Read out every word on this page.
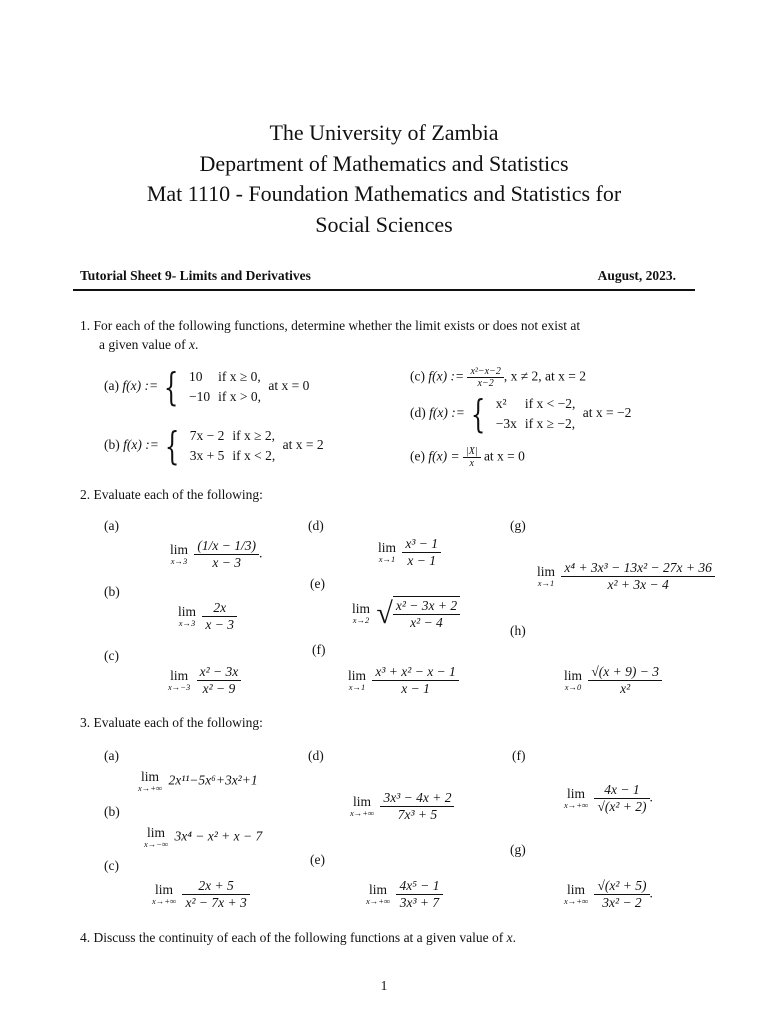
The University of Zambia
Department of Mathematics and Statistics
Mat 1110 - Foundation Mathematics and Statistics for
Social Sciences
Tutorial Sheet 9- Limits and Derivatives	August, 2023.
1. For each of the following functions, determine whether the limit exists or does not exist at
a given value of x.
(a) f(x) := { 10	if x ≥ 0,
−10	if x > 0,
at x = 0
(b) f(x) := { 7x − 2	if x ≥ 2,
3x + 5	if x < 2,
at x = 2
(c) f(x) := $\frac{\text{x²−x−2}}{x-2}$ , x ≠ 2, at x = 2
(d) f(x) := { x²	if x < −2,
−3x	if x ≥ −2,
at x = −2
(e) $f(x) = \frac{|X|}{x}$ at x = 0
2. Evaluate each of the following:
(a)
lim
x→3
$\frac{(1/x - 1/3)}{x - 3}$ .
(b)
lim
x→3
$\frac{2x}{x - 3}$
(c)
lim
x→−3
$\frac{\text{x² − 3x}}{\text{x² − 9}}$
(d)
lim
x→1
$\frac{\text{x³ − 1}}{x - 1}$
(e)
lim
x→2 √ $\frac{\text{x² − 3x + 2}}{\text{x² − 4}}$
(f)
lim
x→1
$\frac{\text{x³ + x² − x − 1}}{x - 1}$
(g)
lim
x→1
$\frac{\text{x⁴ + 3x³ − 13x² − 27x + 36}}{\text{x² + 3x − 4}}$
(h)
lim
x→0
$\frac{√(x + 9) - 3}{\text{x²}}$
3. Evaluate each of the following:
(a)
lim
x→+∞
2x¹¹−5x⁶+3x²+1
(b)
lim
x→−∞
3x⁴ − x² + x − 7
(c)
lim
x→+∞
$\frac{2x + 5}{\text{x² − 7x + 3}}$
(d)
lim
x→+∞
$\frac{\text{3x³ − 4x + 2}}{\text{7x³ + 5}}$
(e)
lim
x→+∞
$\frac{\text{4x⁵ − 1}}{\text{3x³ + 7}}$
(f)
lim
x→+∞
$\frac{4x - 1}{\text{√(x² + 2)}}$ .
(g)
lim
x→+∞
$\frac{\text{√(x² + 5)}}{\text{3x² − 2}}$ .
4. Discuss the continuity of each of the following functions at a given value of x.
1
